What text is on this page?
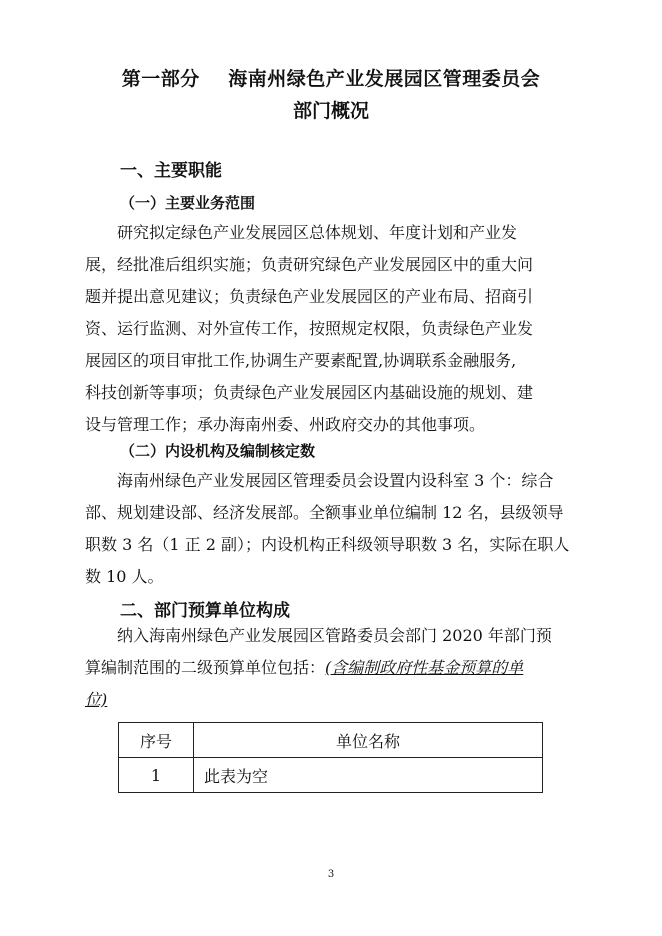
第一部分    海南州绿色产业发展园区管理委员会
部门概况
一、主要职能
（一）主要业务范围
研究拟定绿色产业发展园区总体规划、年度计划和产业发
展，经批准后组织实施；负责研究绿色产业发展园区中的重大问
题并提出意见建议；负责绿色产业发展园区的产业布局、招商引
资、运行监测、对外宣传工作，按照规定权限，负责绿色产业发
展园区的项目审批工作,协调生产要素配置,协调联系金融服务,
科技创新等事项；负责绿色产业发展园区内基础设施的规划、建
设与管理工作；承办海南州委、州政府交办的其他事项。
（二）内设机构及编制核定数
海南州绿色产业发展园区管理委员会设置内设科室 3 个：综合
部、规划建设部、经济发展部。全额事业单位编制 12 名，县级领导
职数 3 名（1 正 2 副）；内设机构正科级领导职数 3 名，实际在职人
数 10 人。
二、部门预算单位构成
纳入海南州绿色产业发展园区管路委员会部门 2020 年部门预
算编制范围的二级预算单位包括：(含编制政府性基金预算的单
位)
序号	单位名称
1	此表为空
3
